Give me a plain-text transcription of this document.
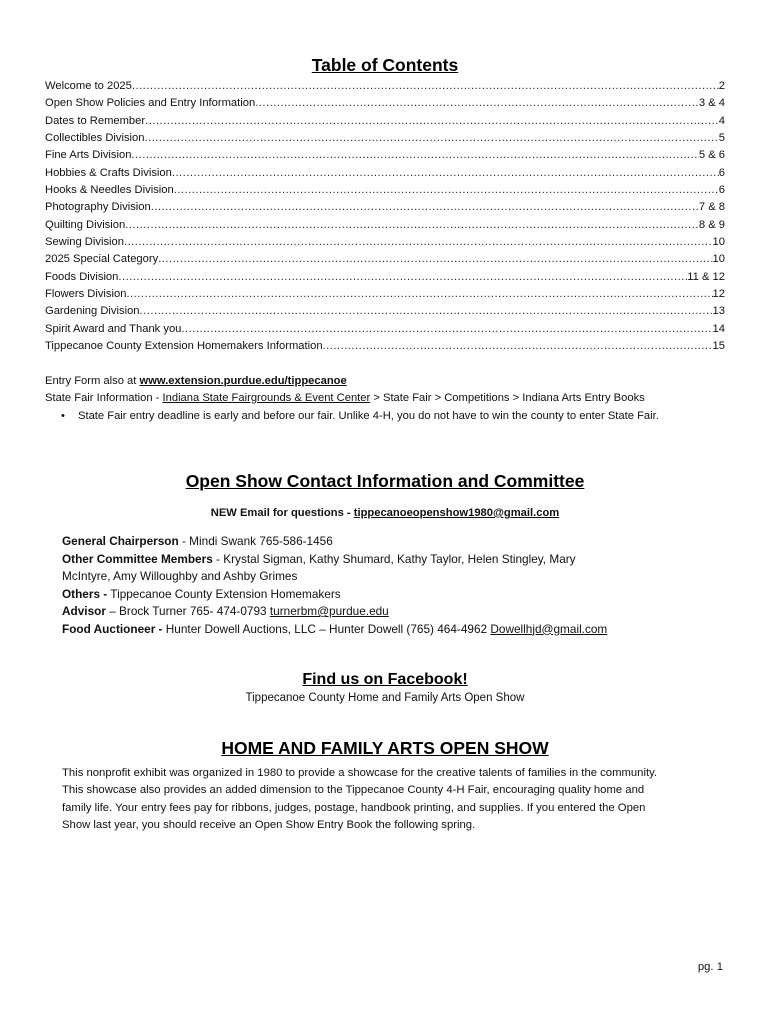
Table of Contents
Welcome to 2025 .....	2
Open Show Policies and Entry Information .....	3 & 4
Dates to Remember .....	4
Collectibles Division .....	5
Fine Arts Division .....	5 & 6
Hobbies & Crafts Division .....	6
Hooks & Needles Division .....	6
Photography Division .....	7 & 8
Quilting Division .....	8 & 9
Sewing Division .....	10
2025 Special Category .....	10
Foods Division .....	11 & 12
Flowers Division .....	12
Gardening Division .....	13
Spirit Award and Thank you .....	14
Tippecanoe County Extension Homemakers Information .....	15
Entry Form also at www.extension.purdue.edu/tippecanoe
State Fair Information - Indiana State Fairgrounds & Event Center > State Fair > Competitions > Indiana Arts Entry Books
•	State Fair entry deadline is early and before our fair. Unlike 4-H, you do not have to win the county to enter State Fair.
Open Show Contact Information and Committee
NEW Email for questions - tippecanoeopenshow1980@gmail.com
General Chairperson - Mindi Swank 765-586-1456
Other Committee Members - Krystal Sigman, Kathy Shumard, Kathy Taylor, Helen Stingley, Mary
McIntyre, Amy Willoughby and Ashby Grimes
Others - Tippecanoe County Extension Homemakers
Advisor – Brock Turner 765- 474-0793 turnerbm@purdue.edu
Food Auctioneer - Hunter Dowell Auctions, LLC – Hunter Dowell (765) 464-4962 Dowellhjd@gmail.com
Find us on Facebook!
Tippecanoe County Home and Family Arts Open Show
HOME AND FAMILY ARTS OPEN SHOW
This nonprofit exhibit was organized in 1980 to provide a showcase for the creative talents of families in the community.
This showcase also provides an added dimension to the Tippecanoe County 4-H Fair, encouraging quality home and
family life. Your entry fees pay for ribbons, judges, postage, handbook printing, and supplies. If you entered the Open
Show last year, you should receive an Open Show Entry Book the following spring.
pg. 1
